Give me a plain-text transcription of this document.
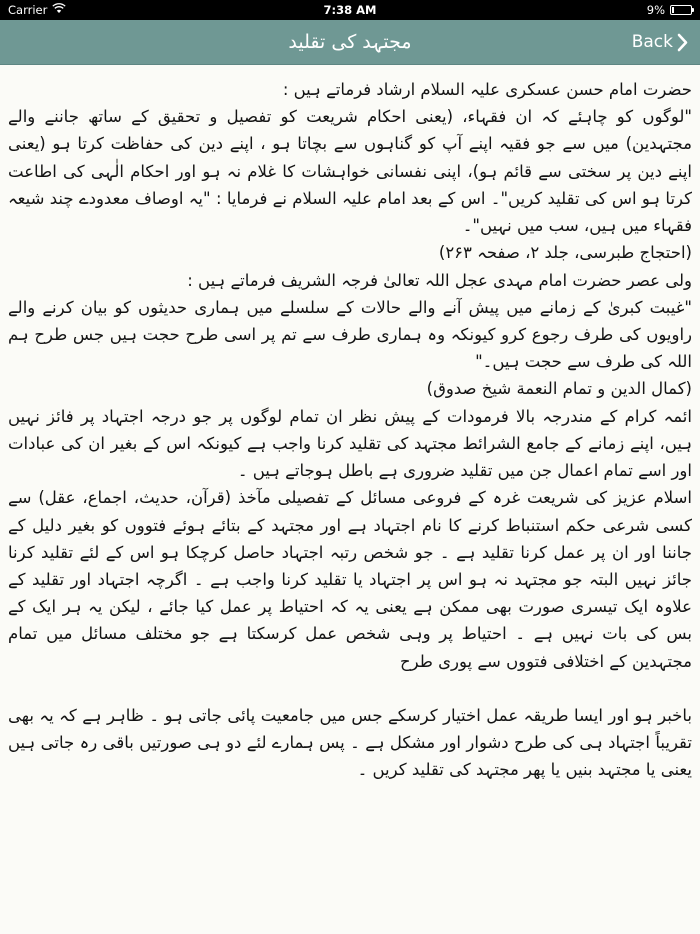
Carrier	7:38 AM	9%
مجتہد کی تقلید	Back

حضرت امام حسن عسکری علیہ السلام ارشاد فرماتے ہیں :

"لوگوں کو چاہئے کہ ان فقہاء، (یعنی احکام شریعت کو تفصیل و تحقیق کے ساتھ جاننے والے مجتہدین) میں سے جو فقیہ اپنے آپ کو گناہوں سے بچاتا ہو ، اپنے دین کی حفاظت کرتا ہو (یعنی اپنے دین پر سختی سے قائم ہو)، اپنی نفسانی خواہشات کا غلام نہ ہو اور احکام الٰہی کی اطاعت کرتا ہو اس کی تقلید کریں"۔ اس کے بعد امام علیہ السلام نے فرمایا : "یہ اوصاف معدودے چند شیعہ فقہاء میں ہیں، سب میں نہیں"۔

(احتجاج طبرسی، جلد ۲، صفحہ ۲۶۳)

ولی عصر حضرت امام مہدی عجل اللہ تعالیٰ فرجہ الشریف فرماتے ہیں :

"غیبت کبریٰ کے زمانے میں پیش آنے والے حالات کے سلسلے میں ہماری حدیثوں کو بیان کرنے والے راویوں کی طرف رجوع کرو کیونکہ وہ ہماری طرف سے تم پر اسی طرح حجت ہیں جس طرح ہم اللہ کی طرف سے حجت ہیں۔"

(کمال الدین و تمام النعمة شیخ صدوق)

ائمہ کرام کے مندرجہ بالا فرمودات کے پیش نظر ان تمام لوگوں پر جو درجہ اجتہاد پر فائز نہیں ہیں، اپنے زمانے کے جامع الشرائط مجتہد کی تقلید کرنا واجب ہے کیونکہ اس کے بغیر ان کی عبادات اور اسے تمام اعمال جن میں تقلید ضروری ہے باطل ہوجاتے ہیں ۔

اسلام عزیز کی شریعت غرہ کے فروعی مسائل کے تفصیلی مآخذ (قرآن، حدیث، اجماع، عقل) سے کسی شرعی حکم استنباط کرنے کا نام اجتہاد ہے اور مجتہد کے بتائے ہوئے فتووں کو بغیر دلیل کے جاننا اور ان پر عمل کرنا تقلید ہے ۔ جو شخص رتبہ اجتہاد حاصل کرچکا ہو اس کے لئے تقلید کرنا جائز نہیں البتہ جو مجتہد نہ ہو اس پر اجتہاد یا تقلید کرنا واجب ہے ۔ اگرچہ اجتہاد اور تقلید کے علاوہ ایک تیسری صورت بھی ممکن ہے یعنی یہ کہ احتیاط پر عمل کیا جائے ، لیکن یہ ہر ایک کے بس کی بات نہیں ہے ۔ احتیاط پر وہی شخص عمل کرسکتا ہے جو مختلف مسائل میں تمام مجتہدین کے اختلافی فتووں سے پوری طرح

باخبر ہو اور ایسا طریقہ عمل اختیار کرسکے جس میں جامعیت پائی جاتی ہو ۔ ظاہر ہے کہ یہ بھی تقریباً اجتہاد ہی کی طرح دشوار اور مشکل ہے ۔ پس ہمارے لئے دو ہی صورتیں باقی رہ جاتی ہیں یعنی یا مجتہد بنیں یا پھر مجتہد کی تقلید کریں ۔
